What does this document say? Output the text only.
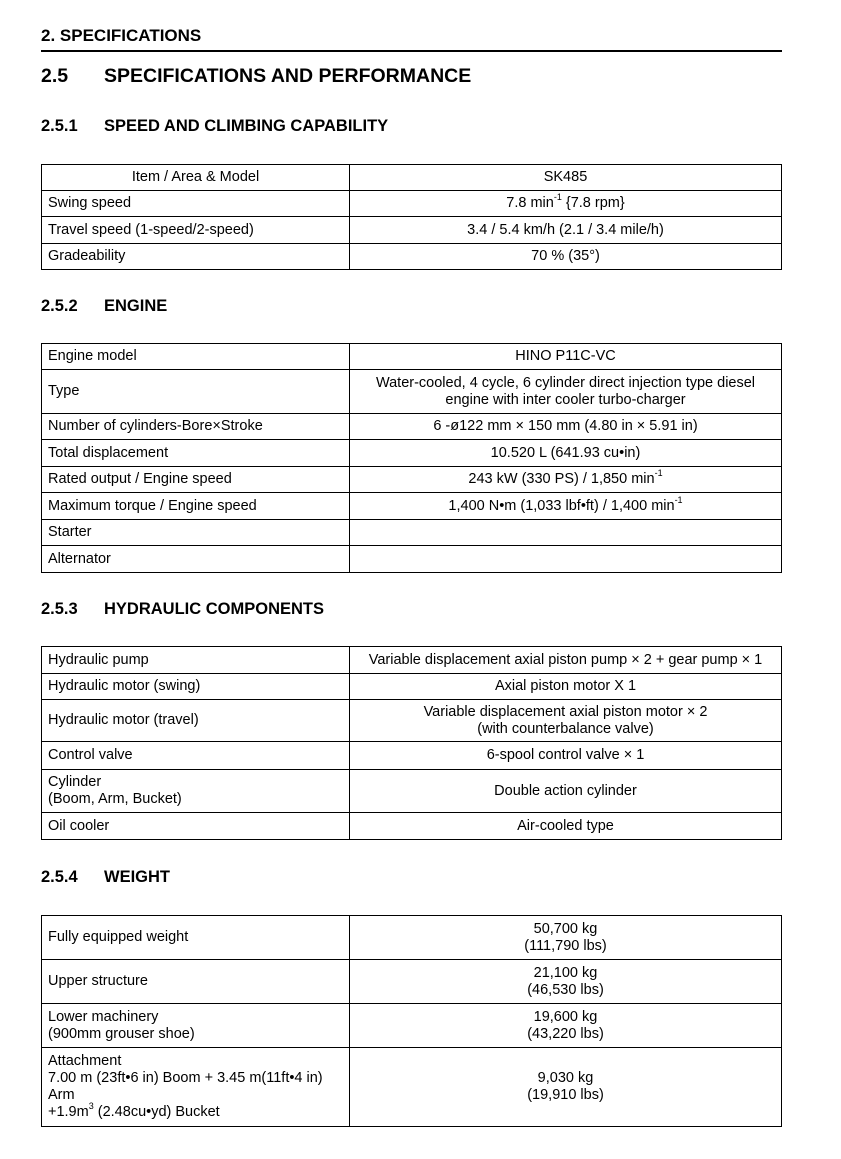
2. SPECIFICATIONS
2.5 SPECIFICATIONS AND PERFORMANCE
2.5.1 SPEED AND CLIMBING CAPABILITY
Item / Area & Model	SK485
Swing speed	7.8 $\min^{-1} \{7.8$ rpm}
Travel speed (1-speed/2-speed)	3.4 / 5.4 km/h (2.1 / 3.4 mile/h)
Gradeability	70 % (35°)
2.5.2 ENGINE
Engine model	HINO P11C-VC
Type	Water-cooled, 4 cycle, 6 cylinder direct injection type diesel
engine with inter cooler turbo-charger
Number of cylinders-Bore×Stroke	6 -ø122 mm × 150 mm (4.80 in × 5.91 in)
Total displacement	10.520 L (641.93 cu•in)
Rated output / Engine speed	243 kW (330 PS) / 1,850 $\min^{-1}$
Maximum torque / Engine speed	1,400 N•m (1,033 lbf•ft) / 1,400 $\min^{-1}$
Starter	
Alternator	
2.5.3 HYDRAULIC COMPONENTS
Hydraulic pump	Variable displacement axial piston pump × 2 + gear pump × 1
Hydraulic motor (swing)	Axial piston motor X 1
Hydraulic motor (travel)	Variable displacement axial piston motor × 2
(with counterbalance valve)
Control valve	6-spool control valve × 1
Cylinder
(Boom, Arm, Bucket)	Double action cylinder
Oil cooler	Air-cooled type
2.5.4 WEIGHT
Fully equipped weight	50,700 kg
(111,790 lbs)
Upper structure	21,100 kg
(46,530 lbs)
Lower machinery
(900mm grouser shoe)	19,600 kg
(43,220 lbs)
Attachment
7.00 m (23ft•6 in) Boom + 3.45 m(11ft•4 in)
Arm
$+1.9m^3$ (2.48cu•yd) Bucket	9,030 kg
(19,910 lbs)
